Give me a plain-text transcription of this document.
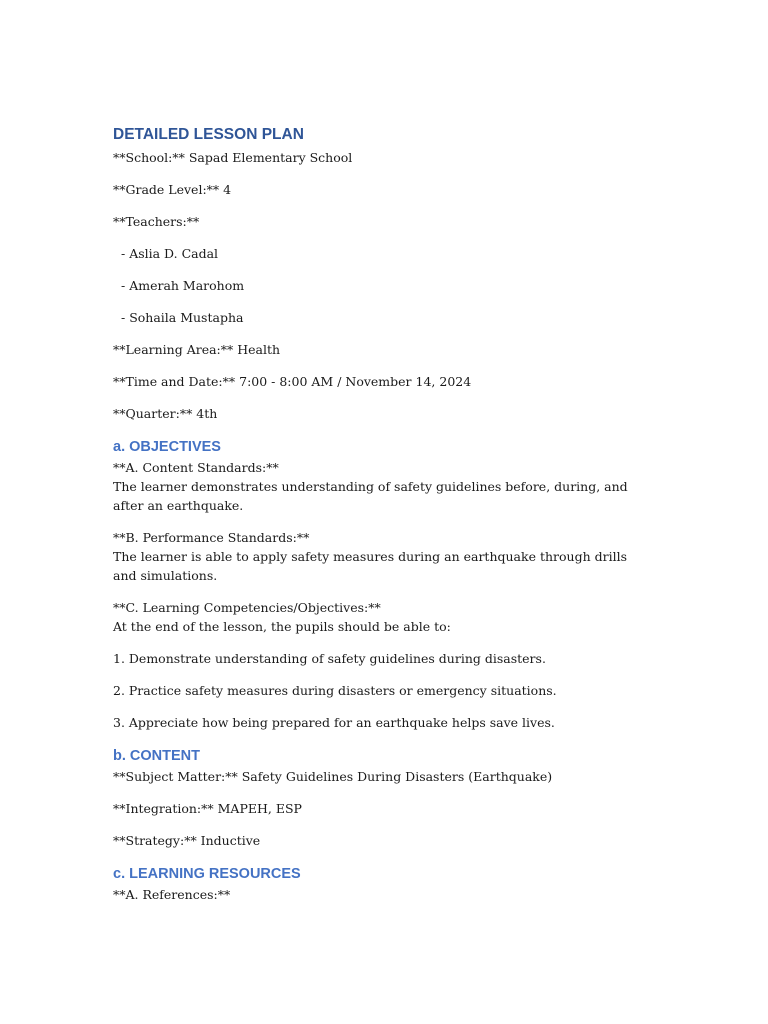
DETAILED LESSON PLAN
**School:** Sapad Elementary School
**Grade Level:** 4
**Teachers:**
- Aslia D. Cadal
- Amerah Marohom
- Sohaila Mustapha
**Learning Area:** Health
**Time and Date:** 7:00 - 8:00 AM / November 14, 2024
**Quarter:** 4th
a. OBJECTIVES
**A. Content Standards:**
The learner demonstrates understanding of safety guidelines before, during, and after an earthquake.
**B. Performance Standards:**
The learner is able to apply safety measures during an earthquake through drills and simulations.
**C. Learning Competencies/Objectives:**
At the end of the lesson, the pupils should be able to:
1. Demonstrate understanding of safety guidelines during disasters.
2. Practice safety measures during disasters or emergency situations.
3. Appreciate how being prepared for an earthquake helps save lives.
b. CONTENT
**Subject Matter:** Safety Guidelines During Disasters (Earthquake)
**Integration:** MAPEH, ESP
**Strategy:** Inductive
c. LEARNING RESOURCES
**A. References:**
